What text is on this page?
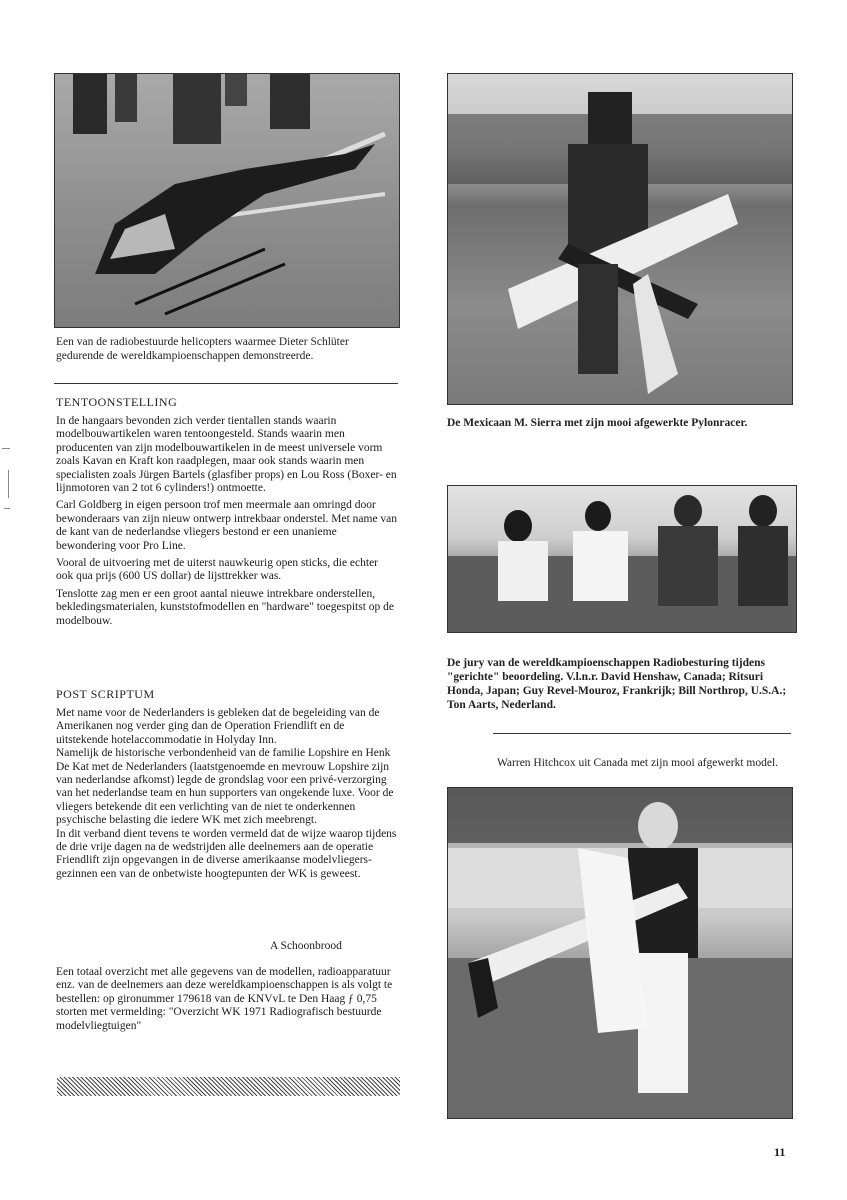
Een van de radiobestuurde helicopters waarmee Dieter Schlüter gedurende de wereldkampioenschappen demonstreerde.
TENTOONSTELLING

In de hangaars bevonden zich verder tientallen stands waarin modelbouwartikelen waren tentoongesteld. Stands waarin men producenten van zijn modelbouwartikelen in de meest universele vorm zoals Kavan en Kraft kon raadplegen, maar ook stands waarin men specialisten zoals Jürgen Bartels (glasfiber props) en Lou Ross (Boxer- en lijnmotoren van 2 tot 6 cylinders!) ontmoette.

Carl Goldberg in eigen persoon trof men meermale aan omringd door bewonderaars van zijn nieuw ontwerp intrekbaar onderstel. Met name van de kant van de nederlandse vliegers bestond er een unanieme bewondering voor Pro Line.

Vooral de uitvoering met de uiterst nauwkeurig open sticks, die echter ook qua prijs (600 US dollar) de lijsttrekker was.

Tenslotte zag men er een groot aantal nieuwe intrekbare onderstellen, bekledingsmaterialen, kunststofmodellen en "hardware" toegespitst op de modelbouw.

POST SCRIPTUM

Met name voor de Nederlanders is gebleken dat de begeleiding van de Amerikanen nog verder ging dan de Operation Friendlift en de uitstekende hotelaccommodatie in Holyday Inn.

Namelijk de historische verbondenheid van de familie Lopshire en Henk De Kat met de Nederlanders (laatstgenoemde en mevrouw Lopshire zijn van nederlandse afkomst) legde de grondslag voor een privé-verzorging van het nederlandse team en hun supporters van ongekende luxe. Voor de vliegers betekende dit een verlichting van de niet te onderkennen psychische belasting die iedere WK met zich meebrengt.

In dit verband dient tevens te worden vermeld dat de wijze waarop tijdens de drie vrije dagen na de wedstrijden alle deelnemers aan de operatie Friendlift zijn opgevangen in de diverse amerikaanse modelvliegers-gezinnen een van de onbetwiste hoogtepunten der WK is geweest.

A Schoonbrood

Een totaal overzicht met alle gegevens van de modellen, radioapparatuur enz. van de deelnemers aan deze wereldkampioenschappen is als volgt te bestellen: op gironummer 179618 van de KNVvL te Den Haag ƒ 0,75 storten met vermelding: "Overzicht WK 1971 Radiografisch bestuurde modelvliegtuigen"

De Mexicaan M. Sierra met zijn mooi afgewerkte Pylonracer.
De jury van de wereldkampioenschappen Radiobesturing tijdens "gerichte" beoordeling. V.l.n.r. David Henshaw, Canada; Ritsuri Honda, Japan; Guy Revel-Mouroz, Frankrijk; Bill Northrop, U.S.A.; Ton Aarts, Nederland.
Warren Hitchcox uit Canada met zijn mooi afgewerkt model.
11
